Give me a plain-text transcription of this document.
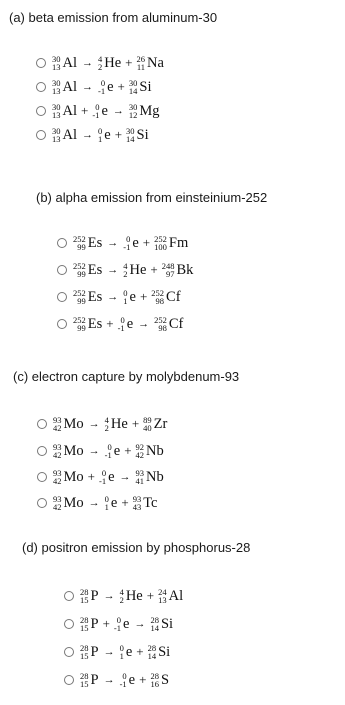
(a) beta emission from aluminum-30
30
13 Al → 4
2 He + 26
11 Na
30
13 Al → 0
-1 e + 30
14 Si
30
13 Al + 0
-1 e → 30
12 Mg
30
13 Al → 0
1 e + 30
14 Si
(b) alpha emission from einsteinium-252
252
99 Es → 0
-1 e + 252
100 Fm
252
99 Es → 4
2 He + 248
97 Bk
252
99 Es → 0
1 e + 252
98 Cf
252
99 Es + 0
-1 e → 252
98 Cf
(c) electron capture by molybdenum-93
93
42 Mo → 4
2 He + 89
40 Zr
93
42 Mo → 0
-1 e + 92
42 Nb
93
42 Mo + 0
-1 e → 93
41 Nb
93
42 Mo → 0
1 e + 93
43 Tc
(d) positron emission by phosphorus-28
28
15 P → 4
2 He + 24
13 Al
28
15 P + 0
-1 e → 28
14 Si
28
15 P → 0
1 e + 28
14 Si
28
15 P → 0
-1 e + 28
16 S
